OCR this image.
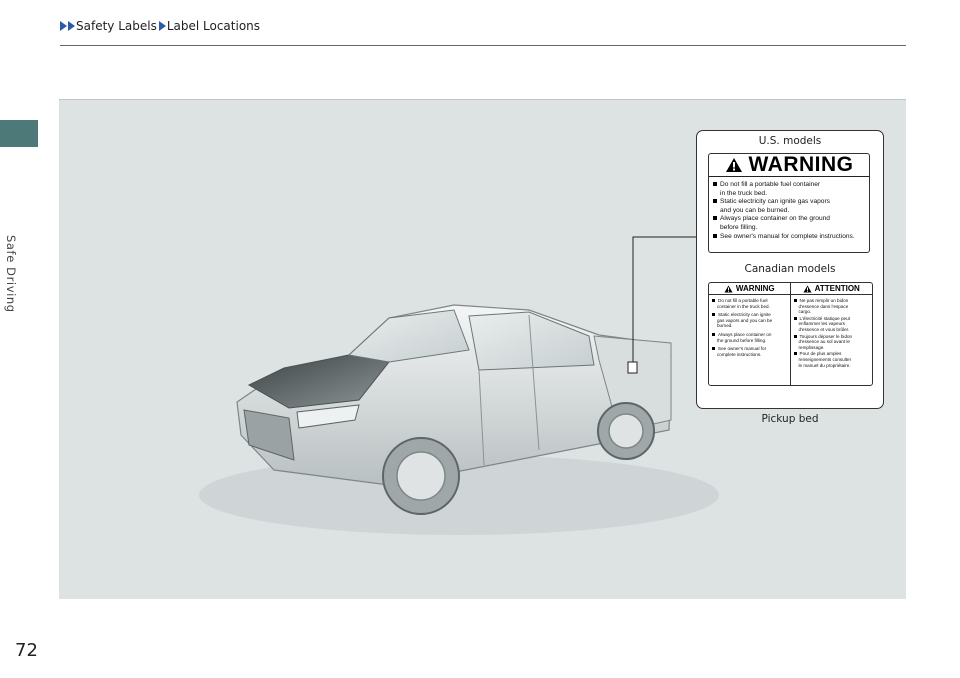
Safety Labels Label Locations
Safe Driving
72
U.S. models
WARNING
Do not fill a portable fuel container
in the truck bed.
Static electricity can ignite gas vapors
and you can be burned.
Always place container on the ground
before filling.
See owner's manual for complete instructions.
Canadian models
WARNING
Do not fill a portable fuel
container in the truck bed.
Static electricity can ignite
gas vapors and you can be
burned.
Always place container on
the ground before filling.
See owner's manual for
complete instructions.
ATTENTION
Ne pas remplir un bidon
d'essence dans l'espace
cargo.
L'électricité statique peut
enflammer les vapeurs
d'essence et vous brûler.
Toujours déposer le bidon
d'essence au sol avant le
remplissage.
Pour de plus amples
renseignements consulter
le manuel du propriétaire.
Pickup bed
